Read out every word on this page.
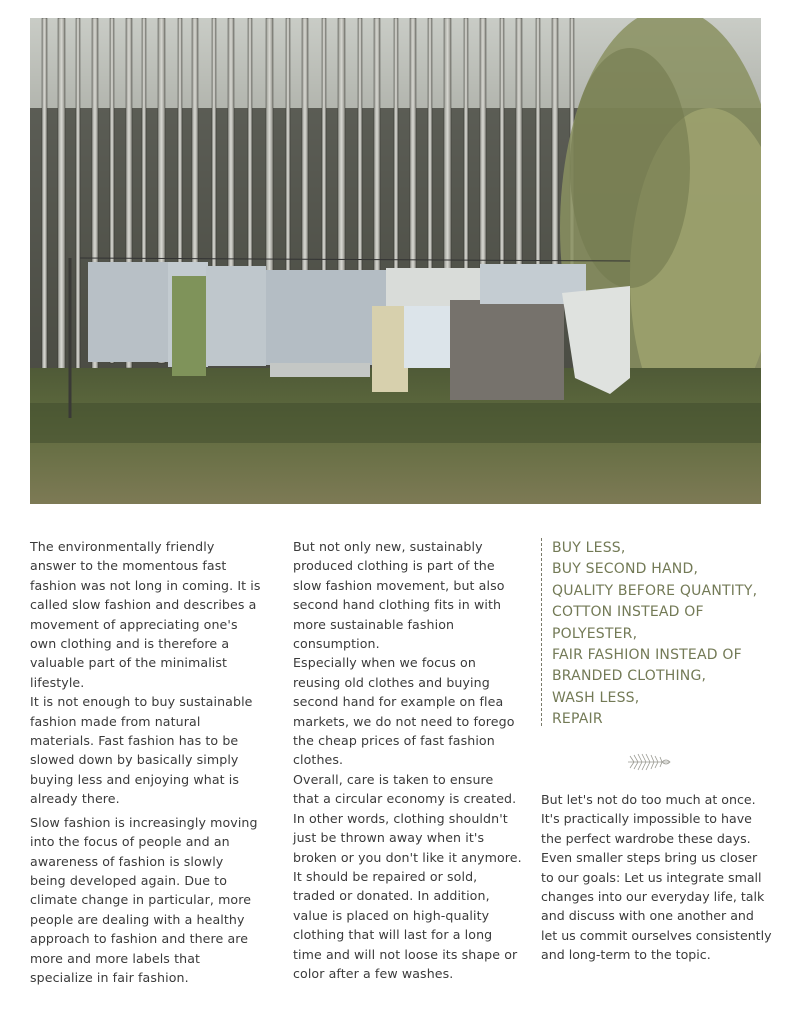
The environmentally friendly answer to the momentous fast fashion was not long in coming. It is called slow fashion and describes a movement of appreciating one's own clothing and is therefore a valuable part of the minimalist lifestyle.

It is not enough to buy sustainable fashion made from natural materials. Fast fashion has to be slowed down by basically simply buying less and enjoying what is already there.

Slow fashion is increasingly moving into the focus of people and an awareness of fashion is slowly being developed again. Due to climate change in particular, more people are dealing with a healthy approach to fashion and there are more and more labels that specialize in fair fashion.

But not only new, sustainably produced clothing is part of the slow fashion movement, but also second hand clothing fits in with more sustainable fashion consumption.

Especially when we focus on reusing old clothes and buying second hand for example on flea markets, we do not need to forego the cheap prices of fast fashion clothes.

Overall, care is taken to ensure that a circular economy is created. In other words, clothing shouldn't just be thrown away when it's broken or you don't like it anymore. It should be repaired or sold, traded or donated. In addition, value is placed on high-quality clothing that will last for a long time and will not loose its shape or color after a few washes.

BUY LESS,
BUY SECOND HAND,
QUALITY BEFORE QUANTITY,
COTTON INSTEAD OF POLYESTER,
FAIR FASHION INSTEAD OF BRANDED CLOTHING,
WASH LESS,
REPAIR

But let's not do too much at once. It's practically impossible to have the perfect wardrobe these days. Even smaller steps bring us closer to our goals: Let us integrate small changes into our everyday life, talk and discuss with one another and let us commit ourselves consistently and long-term to the topic.
